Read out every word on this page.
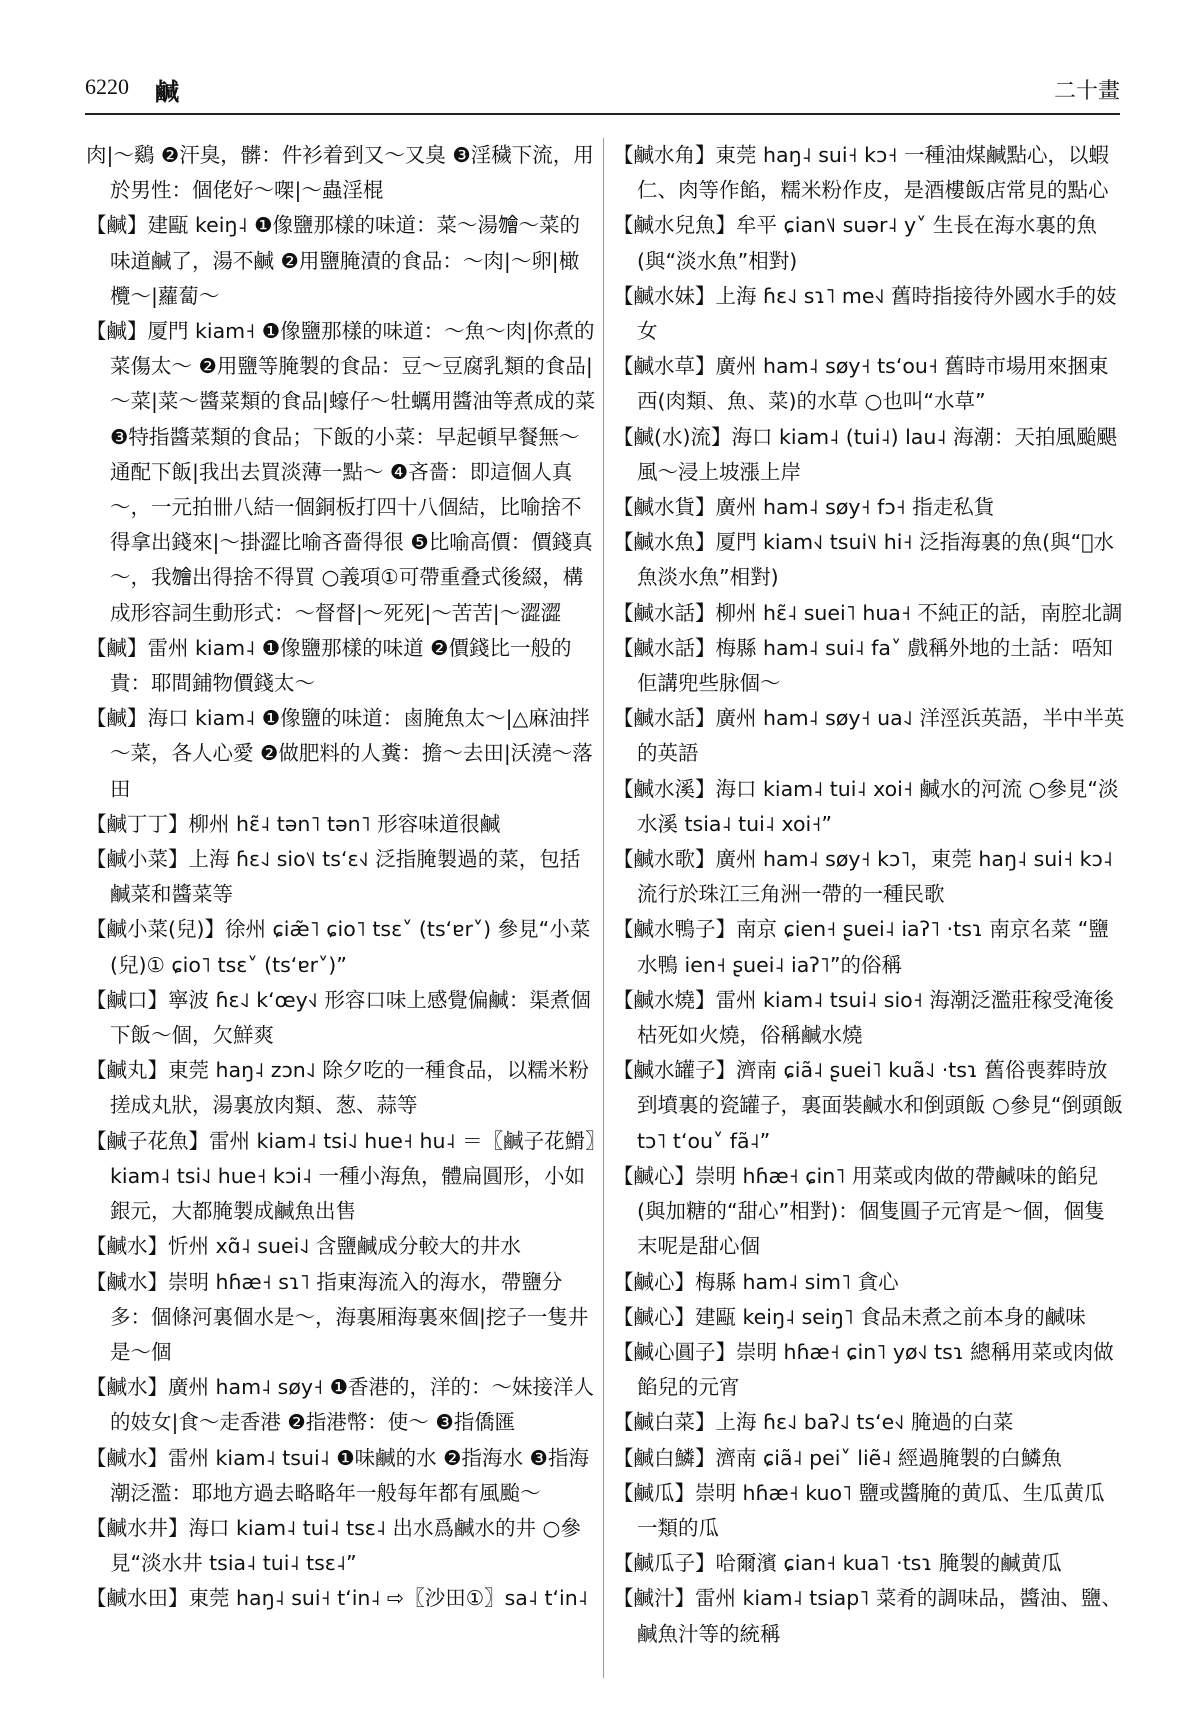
6220 鹹	二十畫

肉|～鷄 ❷汗臭，髒：件衫着到又～又臭 ❸淫穢下流，用於男性：個佬好～㗎|～蟲淫棍

【鹹】建甌 keiŋ˨ ❶像鹽那樣的味道：菜～湯𣍐～菜的味道鹹了，湯不鹹 ❷用鹽腌漬的食品：～肉|～卵|橄欖～|蘿蔔～

【鹹】厦門 kiam˧ ❶像鹽那樣的味道：～魚～肉|你煮的菜傷太～ ❷用鹽等腌製的食品：豆～豆腐乳類的食品|～菜|菜～醬菜類的食品|蠔仔～牡蠣用醬油等煮成的菜 ❸特指醬菜類的食品；下飯的小菜：早起頓早餐無～通配下飯|我出去買淡薄一點～ ❹吝嗇：即這個人真～，一元拍卌八結一個銅板打四十八個結，比喻捨不得拿出錢來|～掛澀比喻吝嗇得很 ❺比喻高價：價錢真～，我𣍐出得捨不得買 ○義項①可帶重叠式後綴，構成形容詞生動形式：～督督|～死死|～苦苦|～澀澀

【鹹】雷州 kiam˨ ❶像鹽那樣的味道 ❷價錢比一般的貴：耶間鋪物價錢太～

【鹹】海口 kiam˨ ❶像鹽的味道：鹵腌魚太～|△麻油拌～菜，各人心愛 ❷做肥料的人糞：擔～去田|沃澆～落田

【鹹丁丁】柳州 hɛ̃˨ tən˥ tən˥ 形容味道很鹹

【鹹小菜】上海 ɦɛ˨˩ sio˥˩ tsʻɛ˧˩ 泛指腌製過的菜，包括鹹菜和醬菜等

【鹹小菜(兒)】徐州 ɕiæ̃˥ ɕio˥ tsɛ˅ (tsʻɐr˅) 參見“小菜(兒)① ɕio˥ tsɛ˅ (tsʻɐr˅)”

【鹹口】寧波 ɦɛ˨˩ kʻœy˧˩ 形容口味上感覺偏鹹：渠煮個下飯～個，欠鮮爽

【鹹丸】東莞 haŋ˨ zɔn˨˩ 除夕吃的一種食品，以糯米粉搓成丸狀，湯裏放肉類、葱、蒜等

【鹹子花魚】雷州 kiam˨ tsi˨˩ hue˧ hu˨ ＝〖鹹子花䱻〗kiam˨ tsi˨˩ hue˧ kɔi˨ 一種小海魚，體扁圓形，小如銀元，大都腌製成鹹魚出售

【鹹水】忻州 xɑ̃˨ suei˨˩ 含鹽鹹成分較大的井水

【鹹水】崇明 hɦæ˧ sɿ˥ 指東海流入的海水，帶鹽分多：個條河裏個水是～，海裏厢海裏來個|挖子一隻井是～個

【鹹水】廣州 ham˨ søy˧ ❶香港的，洋的：～妹接洋人的妓女|食～走香港 ❷指港幣：使～ ❸指僑匯

【鹹水】雷州 kiam˨ tsui˨ ❶味鹹的水 ❷指海水 ❸指海潮泛濫：耶地方過去略略年一般每年都有風颱～

【鹹水井】海口 kiam˨ tui˨ tsɛ˨ 出水爲鹹水的井 ○參見“淡水井 tsia˨ tui˨ tsɛ˨”

【鹹水田】東莞 haŋ˨ sui˧ tʻin˨ ⇨〖沙田①〗sa˨ tʻin˨

【鹹水角】東莞 haŋ˨ sui˧ kɔ˧ 一種油煤鹹點心，以蝦仁、肉等作餡，糯米粉作皮，是酒樓飯店常見的點心

【鹹水兒魚】牟平 ɕian˥˩ suər˨ y˅ 生長在海水裏的魚(與“淡水魚”相對)

【鹹水妹】上海 ɦɛ˨˩ sɿ˥ me˧˩ 舊時指接待外國水手的妓女

【鹹水草】廣州 ham˨ søy˧ tsʻou˧ 舊時市場用來捆東西(肉類、魚、菜)的水草 ○也叫“水草”

【鹹(水)流】海口 kiam˨ (tui˨) lau˨ 海潮：天拍風颱颶風～浸上坡漲上岸

【鹹水貨】廣州 ham˨ søy˧ fɔ˧ 指走私貨

【鹹水魚】厦門 kiam˧˩ tsui˥˩ hi˧ 泛指海裏的魚(與“𣽎水魚淡水魚”相對)

【鹹水話】柳州 hɛ̃˨ suei˥ hua˧ 不純正的話，南腔北調

【鹹水話】梅縣 ham˨ sui˨ fa˅ 戲稱外地的土話：唔知佢講兜些脉個～

【鹹水話】廣州 ham˨ søy˧ ua˨˩ 洋涇浜英語，半中半英的英語

【鹹水溪】海口 kiam˨ tui˨ xoi˧ 鹹水的河流 ○參見“淡水溪 tsia˨ tui˨ xoi˧”

【鹹水歌】廣州 ham˨ søy˧ kɔ˥，東莞 haŋ˨ sui˧ kɔ˨ 流行於珠江三角洲一帶的一種民歌

【鹹水鴨子】南京 ɕien˧ ʂuei˨ iaʔ˥ ·tsɿ 南京名菜 “鹽水鴨 ien˧ ʂuei˨ iaʔ˥”的俗稱

【鹹水燒】雷州 kiam˨ tsui˨ sio˧ 海潮泛濫莊稼受淹後枯死如火燒，俗稱鹹水燒

【鹹水罐子】濟南 ɕiã˨ ʂuei˥ kuã˨˩ ·tsɿ 舊俗喪葬時放到墳裏的瓷罐子，裏面裝鹹水和倒頭飯 ○參見“倒頭飯 tɔ˥ tʻou˅ fã˨”

【鹹心】崇明 hɦæ˧ ɕin˥ 用菜或肉做的帶鹹味的餡兒(與加糖的“甜心”相對)：個隻圓子元宵是～個，個隻末呢是甜心個

【鹹心】梅縣 ham˨ sim˥ 貪心

【鹹心】建甌 keiŋ˨ seiŋ˥ 食品未煮之前本身的鹹味

【鹹心圓子】崇明 hɦæ˧ ɕin˥ yø˧˩ tsɿ 總稱用菜或肉做餡兒的元宵

【鹹白菜】上海 ɦɛ˨˩ baʔ˨˩ tsʻe˧˩ 腌過的白菜

【鹹白鱗】濟南 ɕiã˨ pei˅ liẽ˨ 經過腌製的白鱗魚

【鹹瓜】崇明 hɦæ˧ kuo˥ 鹽或醬腌的黄瓜、生瓜黄瓜一類的瓜

【鹹瓜子】哈爾濱 ɕian˧ kua˥ ·tsɿ 腌製的鹹黄瓜

【鹹汁】雷州 kiam˨ tsiap˥ 菜肴的調味品，醬油、鹽、鹹魚汁等的統稱
